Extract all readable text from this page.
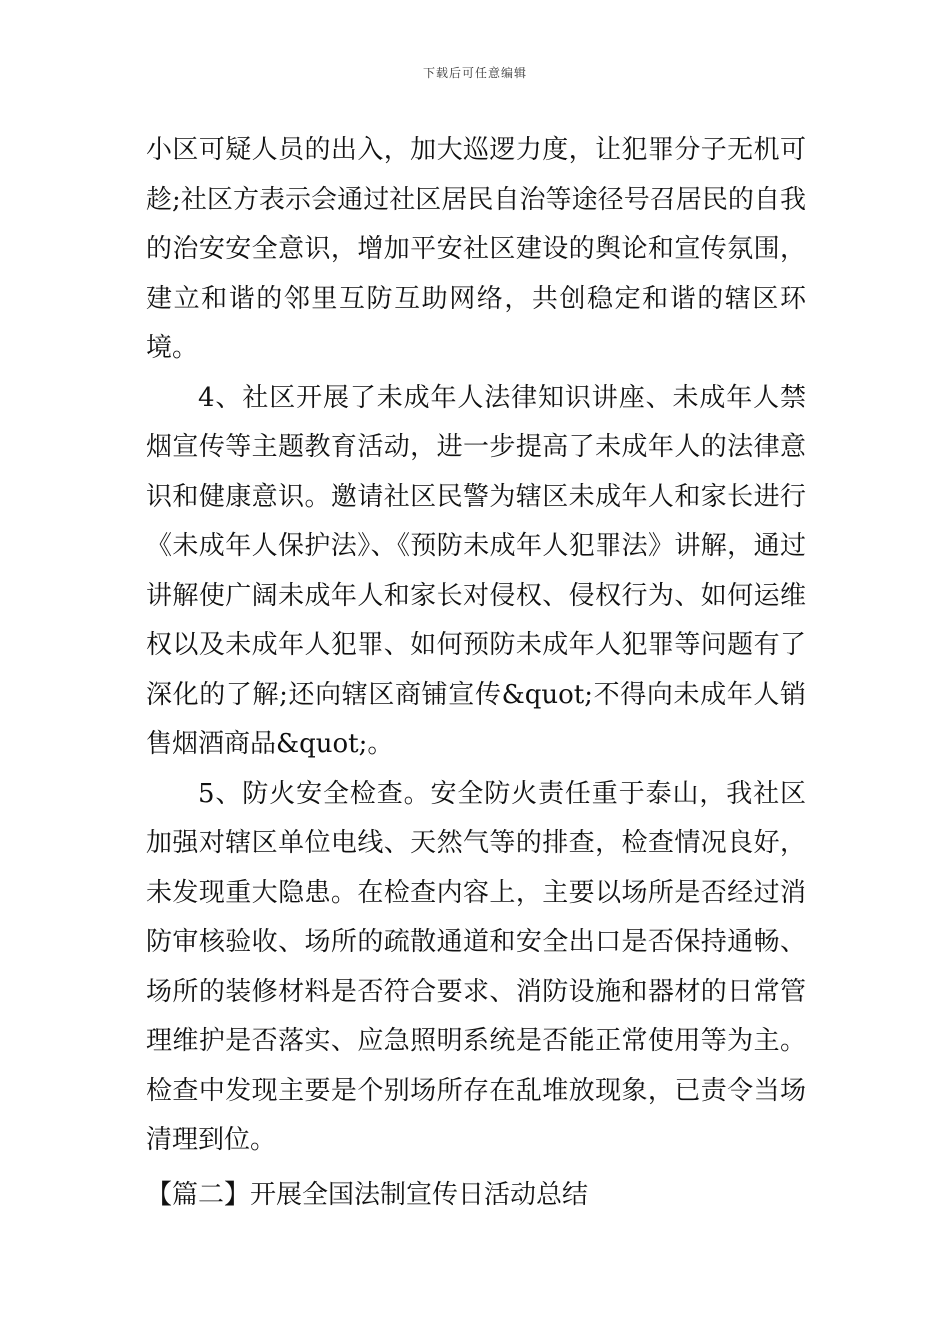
下载后可任意编辑

小区可疑人员的出入，加大巡逻力度，让犯罪分子无机可趁;社区方表示会通过社区居民自治等途径号召居民的自我的治安安全意识，增加平安社区建设的舆论和宣传氛围，建立和谐的邻里互防互助网络，共创稳定和谐的辖区环境。

4、社区开展了未成年人法律知识讲座、未成年人禁烟宣传等主题教育活动，进一步提高了未成年人的法律意识和健康意识。邀请社区民警为辖区未成年人和家长进行《未成年人保护法》、《预防未成年人犯罪法》讲解，通过讲解使广阔未成年人和家长对侵权、侵权行为、如何运维权以及未成年人犯罪、如何预防未成年人犯罪等问题有了深化的了解;还向辖区商铺宣传&quot;不得向未成年人销售烟酒商品&quot;。

5、防火安全检查。安全防火责任重于泰山，我社区加强对辖区单位电线、天然气等的排查，检查情况良好，未发现重大隐患。在检查内容上，主要以场所是否经过消防审核验收、场所的疏散通道和安全出口是否保持通畅、场所的装修材料是否符合要求、消防设施和器材的日常管理维护是否落实、应急照明系统是否能正常使用等为主。检查中发现主要是个别场所存在乱堆放现象，已责令当场清理到位。

【篇二】开展全国法制宣传日活动总结
